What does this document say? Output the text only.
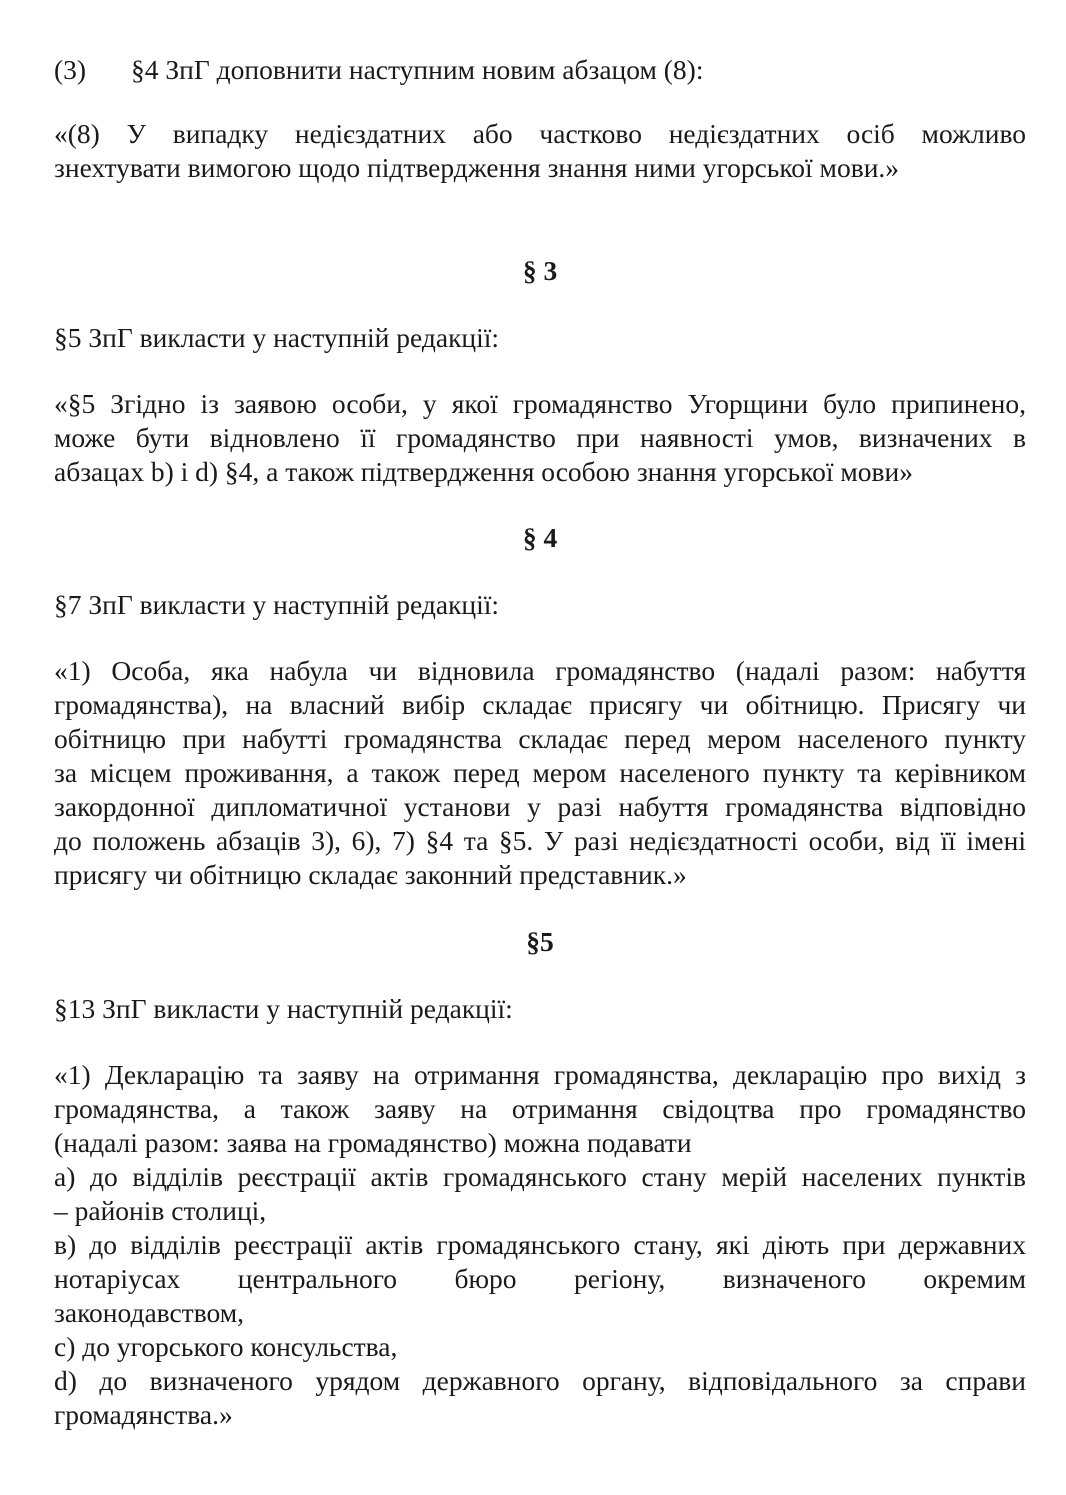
(3) §4 ЗпГ доповнити наступним новим абзацом (8):
«(8) У випадку недієздатних або частково недієздатних осіб можливо
знехтувати вимогою щодо підтвердження знання ними угорської мови.»
§ 3
§5 ЗпГ викласти у наступній редакції:
«§5 Згідно із заявою особи, у якої громадянство Угорщини було припинено,
може бути відновлено її громадянство при наявності умов, визначених в
абзацах b) і d) §4, а також підтвердження особою знання угорської мови»
§ 4
§7 ЗпГ викласти у наступній редакції:
«1) Особа, яка набула чи відновила громадянство (надалі разом: набуття
громадянства), на власний вибір складає присягу чи обітницю. Присягу чи
обітницю при набутті громадянства складає перед мером населеного пункту
за місцем проживання, а також перед мером населеного пункту та керівником
закордонної дипломатичної установи у разі набуття громадянства відповідно
до положень абзаців 3), 6), 7) §4 та §5. У разі недієздатності особи, від її імені
присягу чи обітницю складає законний представник.»
§5
§13 ЗпГ викласти у наступній редакції:
«1) Декларацію та заяву на отримання громадянства, декларацію про вихід з
громадянства, а також заяву на отримання свідоцтва про громадянство
(надалі разом: заява на громадянство) можна подавати
а) до відділів реєстрації актів громадянського стану мерій населених пунктів
– районів столиці,
в) до відділів реєстрації актів громадянського стану, які діють при державних
нотаріусах центрального бюро регіону, визначеного окремим
законодавством,
с) до угорського консульства,
d) до визначеного урядом державного органу, відповідального за справи
громадянства.»
